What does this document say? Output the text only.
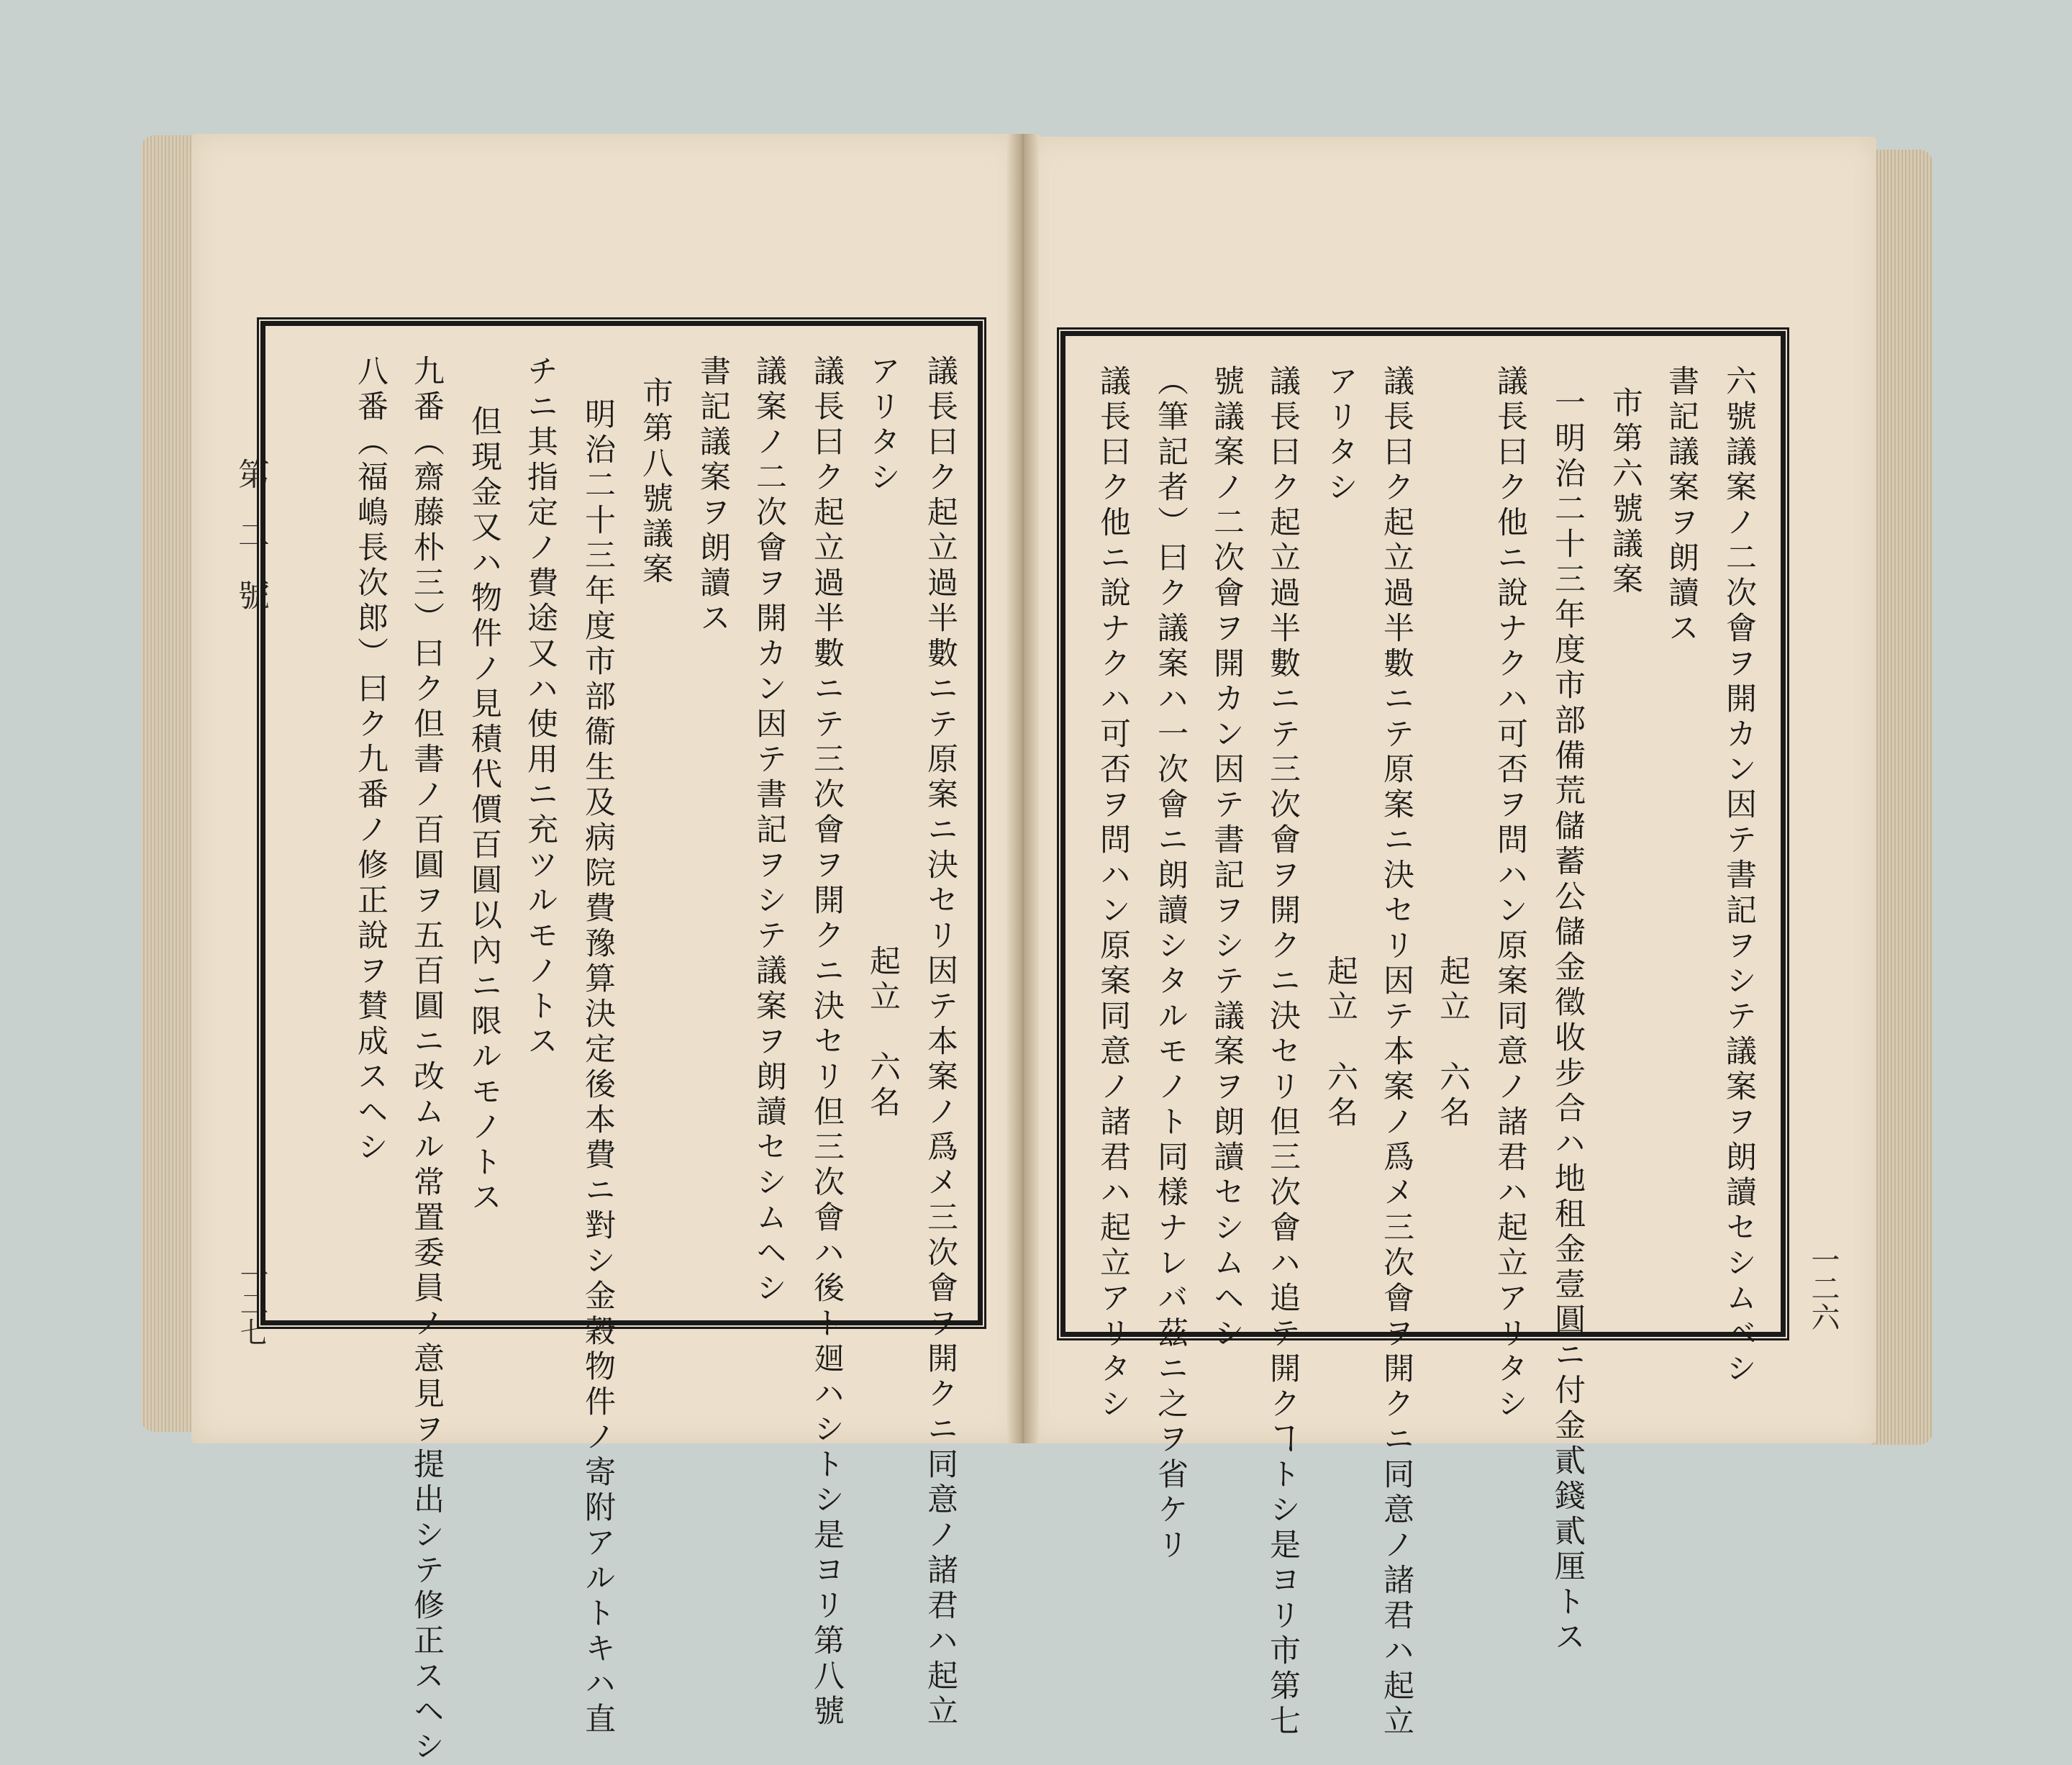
第二號
一二七	一二六
議長曰ク起立過半數ニテ原案ニ決セリ因テ本案ノ爲メ三次會ヲ開クニ同意ノ諸君ハ起立
アリタシ
起立　六名
議長曰ク起立過半數ニテ三次會ヲ開クニ決セリ但三次會ハ後ト廻ハシトシ是ヨリ第八號
議案ノ二次會ヲ開カン因テ書記ヲシテ議案ヲ朗讀セシムヘシ
書記議案ヲ朗讀ス
市第八號議案
明治二十三年度市部衞生及病院費豫算決定後本費ニ對シ金穀物件ノ寄附アルトキハ直
チニ其指定ノ費途又ハ使用ニ充ツルモノトス
但現金又ハ物件ノ見積代價百圓以內ニ限ルモノトス
九番（齋藤朴三）曰ク但書ノ百圓ヲ五百圓ニ改ムル常置委員ノ意見ヲ提出シテ修正スヘシ
八番（福嶋長次郎）曰ク九番ノ修正說ヲ賛成スヘシ	六號議案ノ二次會ヲ開カン因テ書記ヲシテ議案ヲ朗讀セシムベシ
書記議案ヲ朗讀ス
市第六號議案
一明治二十三年度市部備荒儲蓄公儲金徵收步合ハ地租金壹圓ニ付金貳錢貳厘トス
議長曰ク他ニ說ナクハ可否ヲ問ハン原案同意ノ諸君ハ起立アリタシ
起立　六名
議長曰ク起立過半數ニテ原案ニ決セリ因テ本案ノ爲メ三次會ヲ開クニ同意ノ諸君ハ起立
アリタシ
起立　六名
議長曰ク起立過半數ニテ三次會ヲ開クニ決セリ但三次會ハ追テ開クヿトシ是ヨリ市第七
號議案ノ二次會ヲ開カン因テ書記ヲシテ議案ヲ朗讀セシムヘシ
（筆記者）曰ク議案ハ一次會ニ朗讀シタルモノト同樣ナレバ茲ニ之ヲ省ケリ
議長曰ク他ニ說ナクハ可否ヲ問ハン原案同意ノ諸君ハ起立アリタシ
